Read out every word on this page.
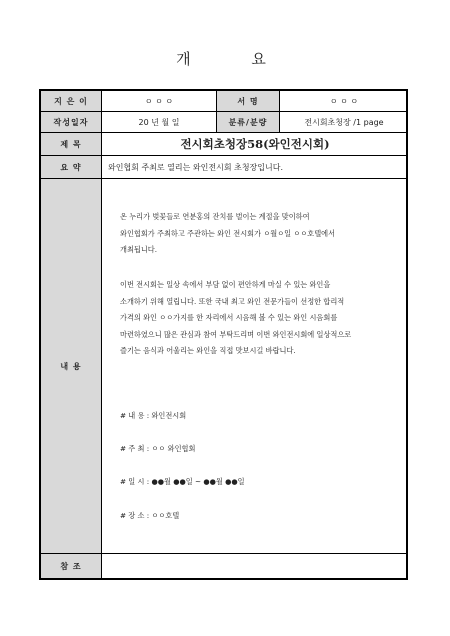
개 요
지 은 이	ㅇ ㅇ ㅇ	서 명	ㅇ ㅇ ㅇ
작성일자	20 년 월 일	분류/분량	전시회초청장 /1 page
제 목	전시회초청장58(와인전시회)
요 약	와인협회 주최로 열리는 와인전시회 초청장입니다.
내 용
온 누리가 벚꽃들로 연분홍의 잔치를 벌이는 계절을 맞이하여
와인협회가 주최하고 주관하는 와인 전시회가 ㅇ월ㅇ일 ㅇㅇ호텔에서
개최됩니다.
이번 전시회는 일상 속에서 부담 없이 편안하게 마실 수 있는 와인을
소개하기 위해 열립니다. 또한 국내 최고 와인 전문가들이 선정한 합리적
가격의 와인 ㅇㅇ가지를 한 자리에서 시음해 볼 수 있는 와인 시음회를
마련하였으니 많은 관심과 참여 부탁드리며 이번 와인전시회에 일상적으로
즐기는 음식과 어울리는 와인을 직접 맛보시길 바랍니다.
# 내 용 : 와인전시회
# 주 최 : ㅇㅇ 와인협회
# 일 시 : ●●월 ●●일 ~ ●●월 ●●일
# 장 소 : ㅇㅇ호텔
참 조
